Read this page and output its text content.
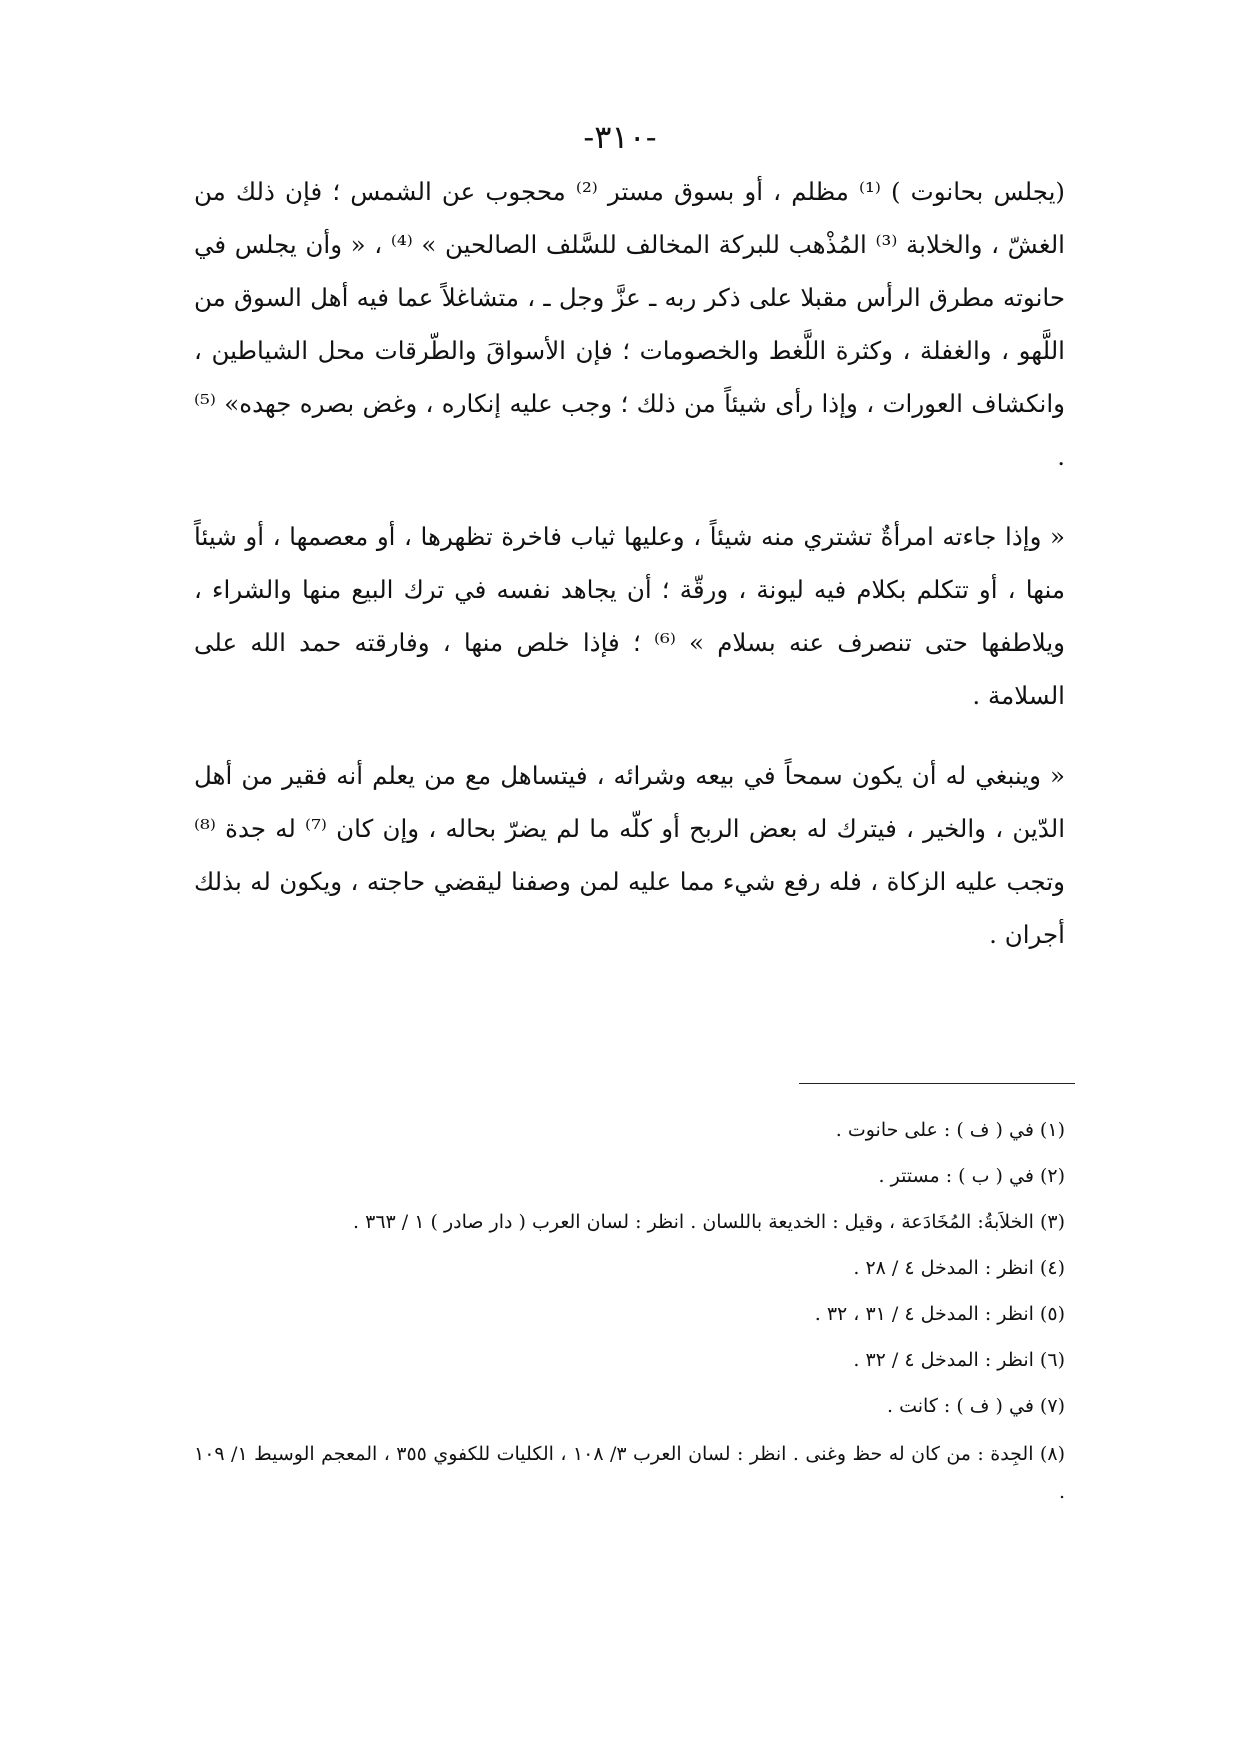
-٣١٠-

(يجلس بحانوت ) ⁽¹⁾ مظلم ، أو بسوق مستر ⁽²⁾ محجوب عن الشمس ؛ فإن ذلك من الغشّ ، والخلابة ⁽³⁾ المُذْهب للبركة المخالف للسَّلف الصالحين » ⁽⁴⁾ ، « وأن يجلس في حانوته مطرق الرأس مقبلا على ذكر ربه ـ عزَّ وجل ـ ، متشاغلاً عما فيه أهل السوق من اللَّهو ، والغفلة ، وكثرة اللَّغط والخصومات ؛ فإن الأسواقَ والطّرقات محل الشياطين ، وانكشاف العورات ، وإذا رأى شيئاً من ذلك ؛ وجب عليه إنكاره ، وغض بصره جهده» ⁽⁵⁾ .

« وإذا جاءته امرأةٌ تشتري منه شيئاً ، وعليها ثياب فاخرة تظهرها ، أو معصمها ، أو شيئاً منها ، أو تتكلم بكلام فيه ليونة ، ورقّة ؛ أن يجاهد نفسه في ترك البيع منها والشراء ، ويلاطفها حتى تنصرف عنه بسلام » ⁽⁶⁾ ؛ فإذا خلص منها ، وفارقته حمد الله على السلامة .

« وينبغي له أن يكون سمحاً في بيعه وشرائه ، فيتساهل مع من يعلم أنه فقير من أهل الدّين ، والخير ، فيترك له بعض الربح أو كلّه ما لم يضرّ بحاله ، وإن كان ⁽⁷⁾ له جدة ⁽⁸⁾ وتجب عليه الزكاة ، فله رفع شيء مما عليه لمن وصفنا ليقضي حاجته ، ويكون له بذلك أجران .

(١) في ( ف ) : على حانوت .

(٢) في ( ب ) : مستتر .

(٣) الخلاَبةُ: المُخَادَعة ، وقيل : الخديعة باللسان . انظر : لسان العرب ( دار صادر ) ١ / ٣٦٣ .

(٤) انظر : المدخل ٤ / ٢٨ .

(٥) انظر : المدخل ٤ / ٣١ ، ٣٢ .

(٦) انظر : المدخل ٤ / ٣٢ .

(٧) في ( ف ) : كانت .

(٨) الجِدة : من كان له حظ وغنى . انظر : لسان العرب ٣/ ١٠٨ ، الكليات للكفوي ٣٥٥ ، المعجم الوسيط ١/ ١٠٩ .
